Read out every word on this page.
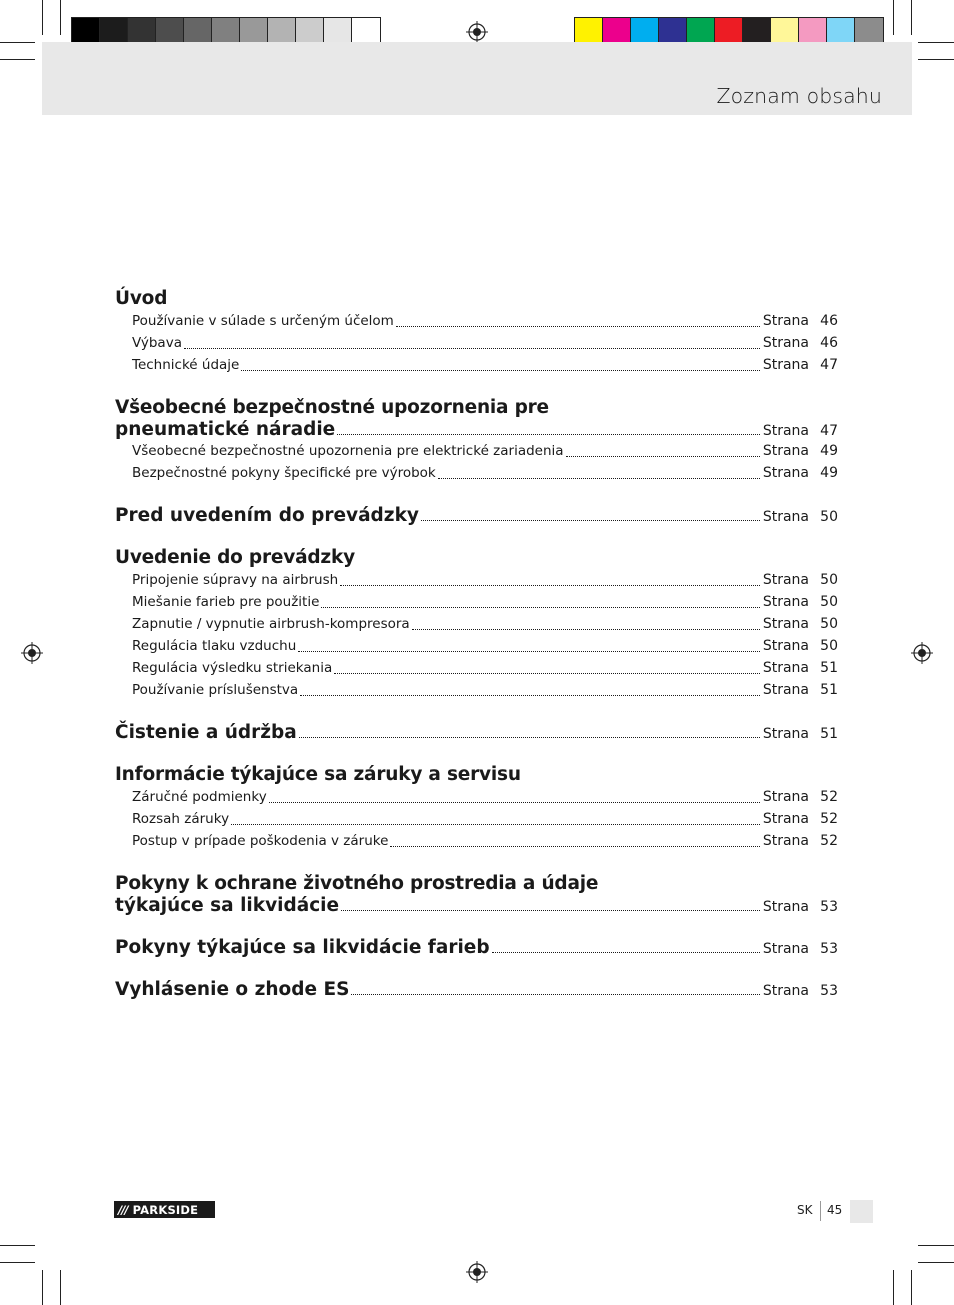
Zoznam obsahu
Úvod
Používanie v súlade s určeným účelom	Strana 46
Výbava	Strana 46
Technické údaje	Strana 47
Všeobecné bezpečnostné upozornenia pre
pneumatické náradie	Strana 47
Všeobecné bezpečnostné upozornenia pre elektrické zariadenia	Strana 49
Bezpečnostné pokyny špecifické pre výrobok	Strana 49
Pred uvedením do prevádzky	Strana 50
Uvedenie do prevádzky
Pripojenie súpravy na airbrush	Strana 50
Miešanie farieb pre použitie	Strana 50
Zapnutie / vypnutie airbrush-kompresora	Strana 50
Regulácia tlaku vzduchu	Strana 50
Regulácia výsledku striekania	Strana 51
Používanie príslušenstva	Strana 51
Čistenie a údržba	Strana 51
Informácie týkajúce sa záruky a servisu
Záručné podmienky	Strana 52
Rozsah záruky	Strana 52
Postup v prípade poškodenia v záruke	Strana 52
Pokyny k ochrane životného prostredia a údaje
týkajúce sa likvidácie	Strana 53
Pokyny týkajúce sa likvidácie farieb	Strana 53
Vyhlásenie o zhode ES	Strana 53
/// PARKSIDE	SK 45
